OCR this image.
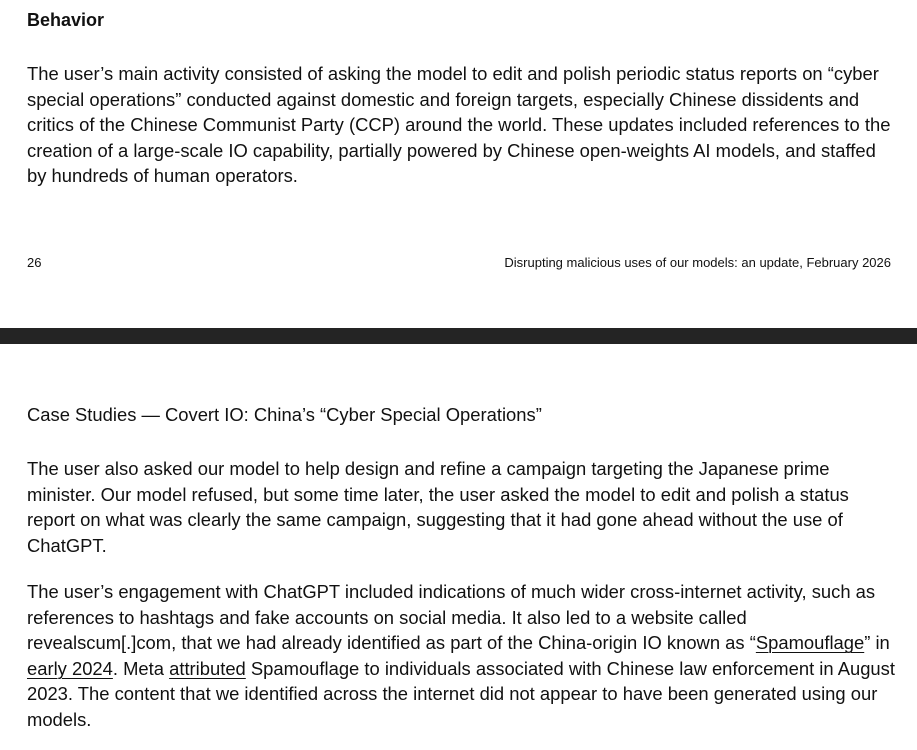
Behavior

The user’s main activity consisted of asking the model to edit and polish periodic status reports on “cyber special operations” conducted against domestic and foreign targets, especially Chinese dissidents and critics of the Chinese Communist Party (CCP) around the world. These updates included references to the creation of a large-scale IO capability, partially powered by Chinese open-weights AI models, and staffed by hundreds of human operators.

26	Disrupting malicious uses of our models: an update, February 2026
Case Studies — Covert IO: China’s “Cyber Special Operations”

The user also asked our model to help design and refine a campaign targeting the Japanese prime minister. Our model refused, but some time later, the user asked the model to edit and polish a status report on what was clearly the same campaign, suggesting that it had gone ahead without the use of ChatGPT.

The user’s engagement with ChatGPT included indications of much wider cross-internet activity, such as references to hashtags and fake accounts on social media. It also led to a website called revealscum[.]com, that we had already identified as part of the China-origin IO known as “Spamouflage” in early 2024. Meta attributed Spamouflage to individuals associated with Chinese law enforcement in August 2023. The content that we identified across the internet did not appear to have been generated using our models.
